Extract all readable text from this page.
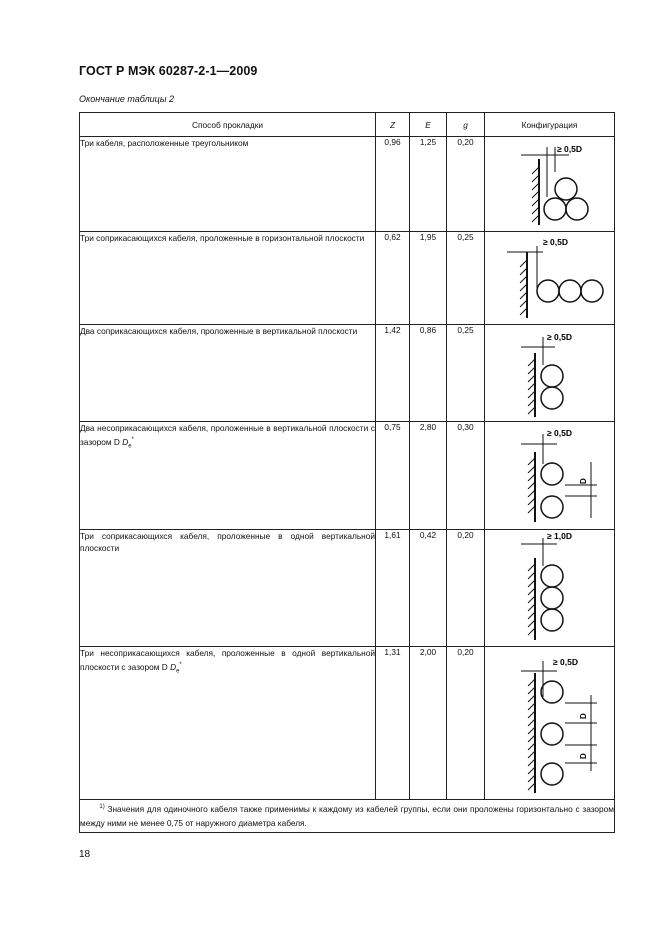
ГОСТ Р МЭК 60287-2-1—2009
Окончание таблицы 2
Способ прокладки	Z	E	g	Конфигурация
Три кабеля, расположенные треугольником	0,96	1,25	0,20	≥ 0,5D

Три соприкасающихся кабеля, проложенные в горизонтальной плоскости	0,62	1,95	0,25	≥ 0,5D

Два соприкасающихся кабеля, проложенные в вертикальной плоскости	1,42	0,86	0,25	≥ 0,5D

Два несоприкасающихся кабеля, проложенные в вертикальной плоскости с зазором D $D_e^*$	0,75	2,80	0,30	≥ 0,5D
D

Три соприкасающихся кабеля, проложенные в одной вертикальной плоскости	1,61	0,42	0,20	≥ 1,0D

Три несоприкасающихся кабеля, проложенные в одной вертикальной плоскости с зазором D $D_e^*$	1,31	2,00	0,20	≥ 0,5D
D
D

$^{1)}$ Значения для одиночного кабеля также применимы к каждому из кабелей группы, если они проложены горизонтально с зазором между ними не менее 0,75 от наружного диаметра кабеля.				
18
